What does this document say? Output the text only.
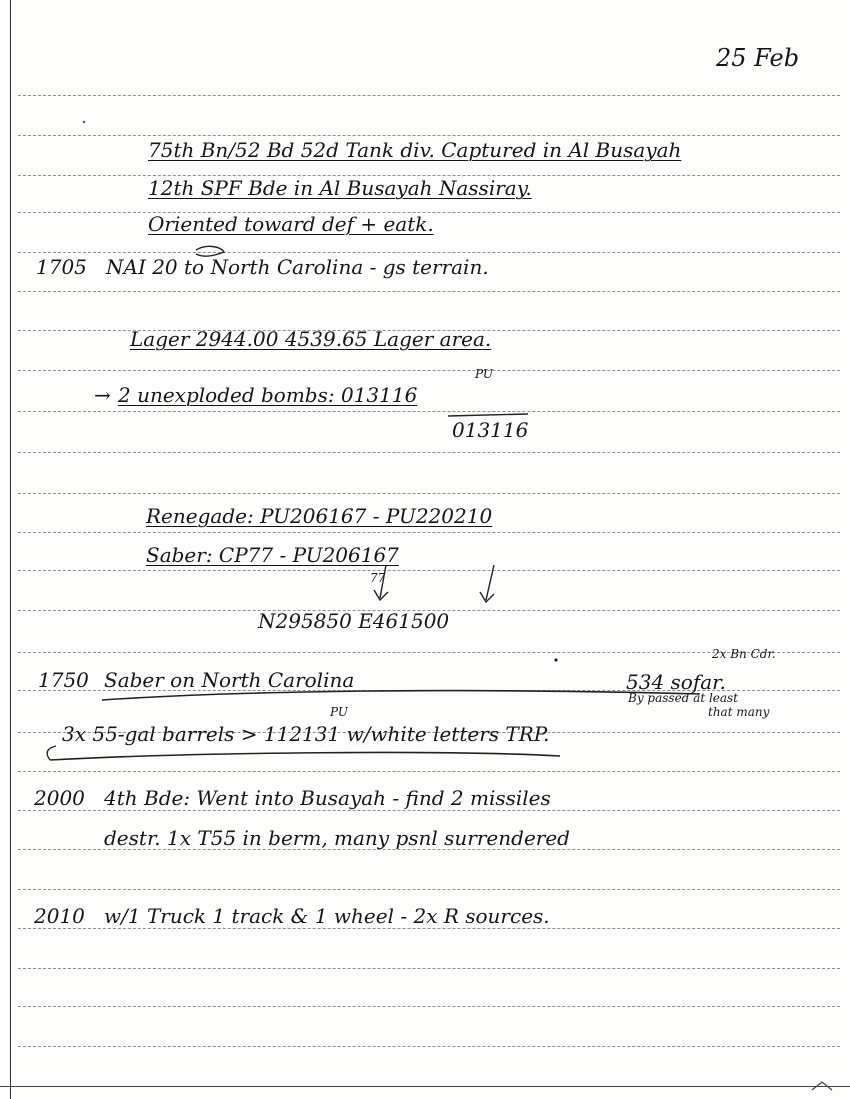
25 Feb
75th Bn/52 Bd 52d Tank div. Captured in Al Busayah
12th SPF Bde in Al Busayah Nassiray.
Oriented toward def + eatk.
1705 NAI 20 to North Carolina - gs terrain.
Lager 2944.00 4539.65 Lager area.
PU
→ 2 unexploded bombs: 013116
013116
Renegade: PU206167 - PU220210
Saber: CP77 - PU206167
77
N295850 E461500
2x Bn Cdr.
1750 Saber on North Carolina	534 sofar.
By passed at least
that many
PU
3x 55-gal barrels > 112131 w/white letters TRP.
2000 4th Bde: Went into Busayah - find 2 missiles
destr. 1x T55 in berm, many psnl surrendered
2010 w/1 Truck 1 track & 1 wheel - 2x R sources.
